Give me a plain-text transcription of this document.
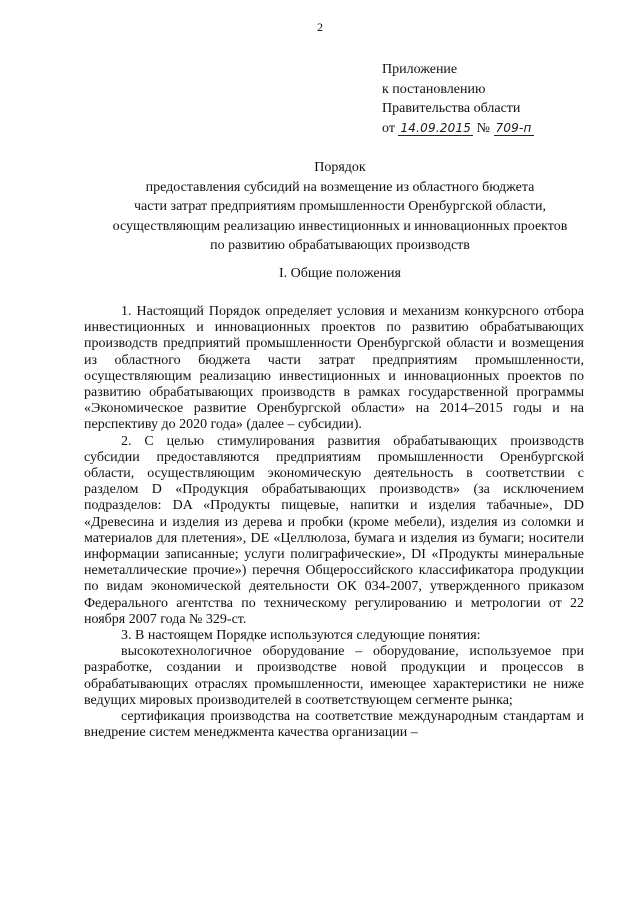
2
Приложение
к постановлению
Правительства области
от 14.09.2015 № 709-п
Порядок
предоставления субсидий на возмещение из областного бюджета
части затрат предприятиям промышленности Оренбургской области,
осуществляющим реализацию инвестиционных и инновационных проектов
по развитию обрабатывающих производств
I. Общие положения

1. Настоящий Порядок определяет условия и механизм конкурсного отбора инвестиционных и инновационных проектов по развитию обрабатывающих производств предприятий промышленности Оренбургской области и возмещения из областного бюджета части затрат предприятиям промышленности, осуществляющим реализацию инвестиционных и инновационных проектов по развитию обрабатывающих производств в рамках государственной программы «Экономическое развитие Оренбургской области» на 2014–2015 годы и на перспективу до 2020 года» (далее – субсидии).

2. С целью стимулирования развития обрабатывающих производств субсидии предоставляются предприятиям промышленности Оренбургской области, осуществляющим экономическую деятельность в соответствии с разделом D «Продукция обрабатывающих производств» (за исключением подразделов: DA «Продукты пищевые, напитки и изделия табачные», DD «Древесина и изделия из дерева и пробки (кроме мебели), изделия из соломки и материалов для плетения», DE «Целлюлоза, бумага и изделия из бумаги; носители информации записанные; услуги полиграфические», DI «Продукты минеральные неметаллические прочие») перечня Общероссийского классификатора продукции по видам экономической деятельности ОК 034-2007, утвержденного приказом Федерального агентства по техническому регулированию и метрологии от 22 ноября 2007 года № 329-ст.

3. В настоящем Порядке используются следующие понятия:

высокотехнологичное оборудование – оборудование, используемое при разработке, создании и производстве новой продукции и процессов в обрабатывающих отраслях промышленности, имеющее характеристики не ниже ведущих мировых производителей в соответствующем сегменте рынка;

сертификация производства на соответствие международным стандартам и внедрение систем менеджмента качества организации –
